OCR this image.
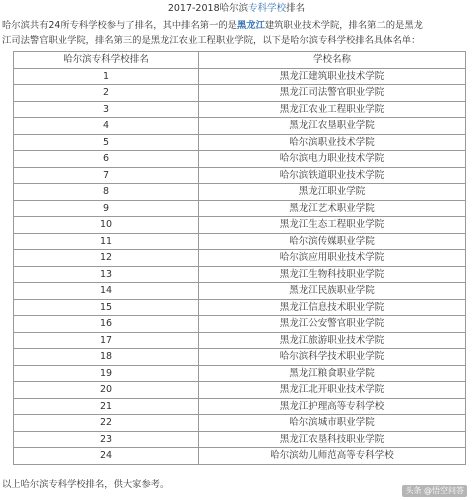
2017-2018哈尔滨专科学校排名
哈尔滨共有24所专科学校参与了排名，其中排名第一的是黑龙江建筑职业技术学院，排名第二的是黑龙
江司法警官职业学院，排名第三的是黑龙江农业工程职业学院，以下是哈尔滨专科学校排名具体名单：
哈尔滨专科学校排名	学校名称
1	黑龙江建筑职业技术学院
2	黑龙江司法警官职业学院
3	黑龙江农业工程职业学院
4	黑龙江农垦职业学院
5	哈尔滨职业技术学院
6	哈尔滨电力职业技术学院
7	哈尔滨铁道职业技术学院
8	黑龙江职业学院
9	黑龙江艺术职业学院
10	黑龙江生态工程职业学院
11	哈尔滨传媒职业学院
12	哈尔滨应用职业技术学院
13	黑龙江生物科技职业学院
14	黑龙江民族职业学院
15	黑龙江信息技术职业学院
16	黑龙江公安警官职业学院
17	黑龙江旅游职业技术学院
18	哈尔滨科学技术职业学院
19	黑龙江粮食职业学院
20	黑龙江北开职业技术学院
21	黑龙江护理高等专科学校
22	哈尔滨城市职业学院
23	黑龙江农垦科技职业学院
24	哈尔滨幼儿师范高等专科学校
以上哈尔滨专科学校排名，供大家参考。
头条 @悟空问答
